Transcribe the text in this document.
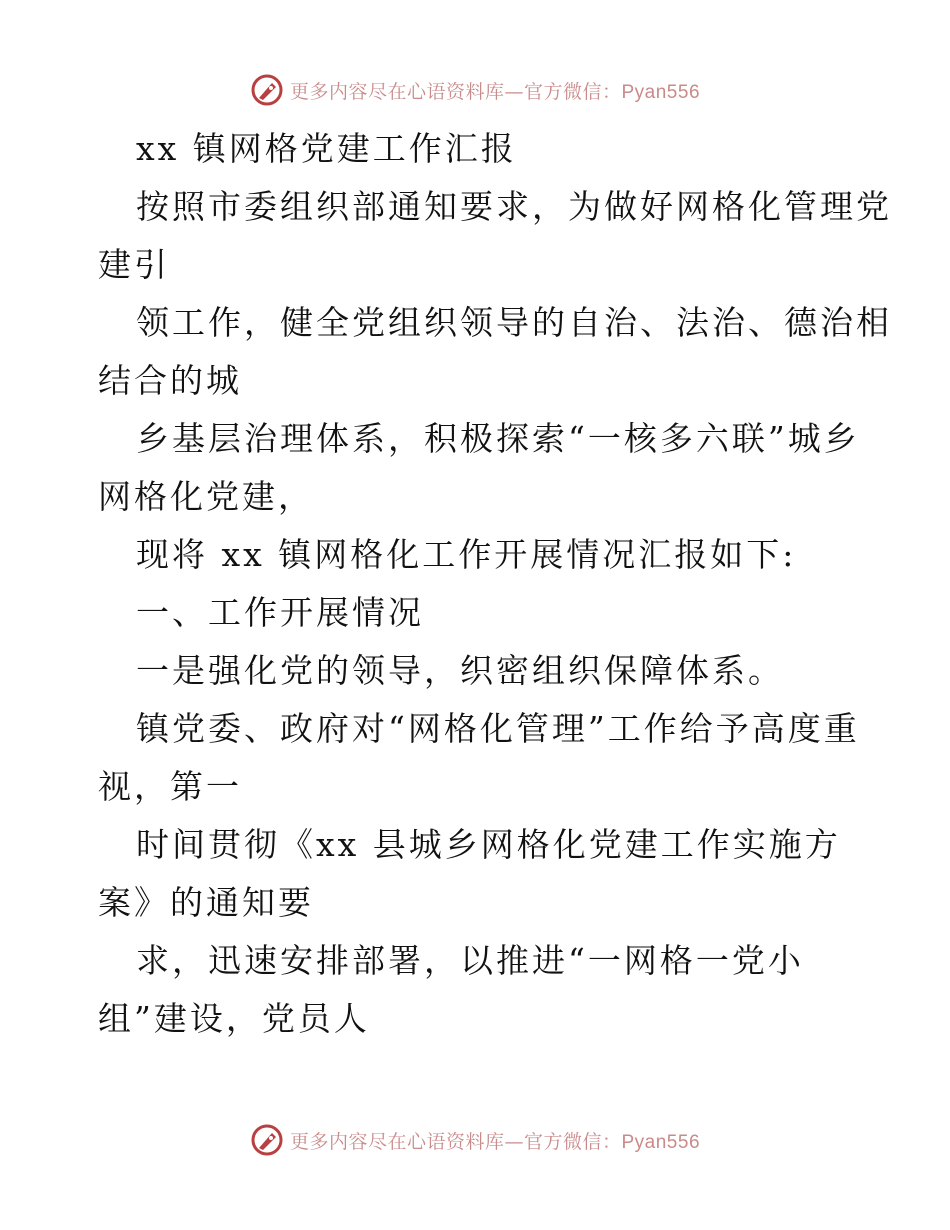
更多内容尽在心语资料库—官方微信：Pyan556
xx 镇网格党建工作汇报
按照市委组织部通知要求，为做好网格化管理党
建引
领工作，健全党组织领导的自治、法治、德治相
结合的城
乡基层治理体系，积极探索“一核多六联”城乡
网格化党建，
现将 xx 镇网格化工作开展情况汇报如下:
一、工作开展情况
一是强化党的领导，织密组织保障体系。
镇党委、政府对“网格化管理”工作给予高度重
视，第一
时间贯彻《xx 县城乡网格化党建工作实施方
案》的通知要
求，迅速安排部署，以推进“一网格一党小
组”建设，党员人
更多内容尽在心语资料库—官方微信：Pyan556
